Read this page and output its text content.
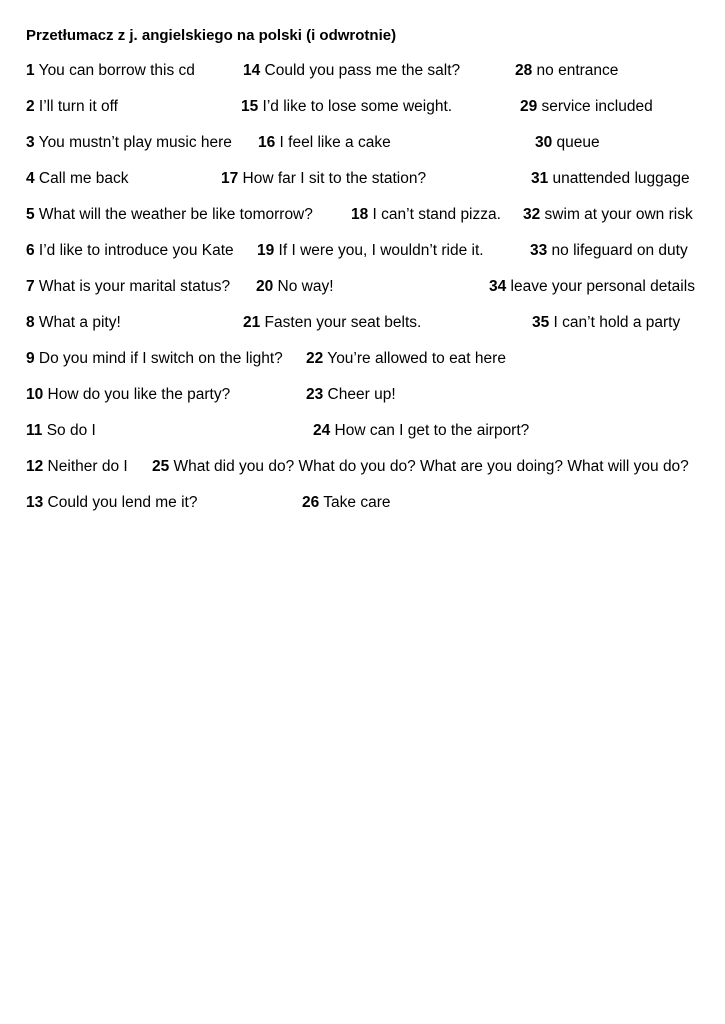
Przetłumacz z j. angielskiego na polski (i odwrotnie)
1 You can borrow this cd	14 Could you pass me the salt?	28 no entrance
2 I’ll turn it off	15 I’d like to lose some weight.	29 service included
3 You mustn’t play music here 16 I feel like a cake	30 queue
4 Call me back	17 How far I sit to the station?	31 unattended luggage
5 What will the weather be like tomorrow? 18 I can’t stand pizza. 32 swim at your own risk
6 I’d like to introduce you Kate 19 If I were you, I wouldn’t ride it.	33 no lifeguard on duty
7 What is your marital status? 20 No way!	34 leave your personal details
8 What a pity!	21 Fasten your seat belts.	35 I can’t hold a party
9 Do you mind if I switch on the light? 22 You’re allowed to eat here
10 How do you like the party?	23 Cheer up!
11 So do I	24 How can I get to the airport?
12 Neither do I 25 What did you do? What do you do? What are you doing? What will you do?
13 Could you lend me it?	26 Take care
